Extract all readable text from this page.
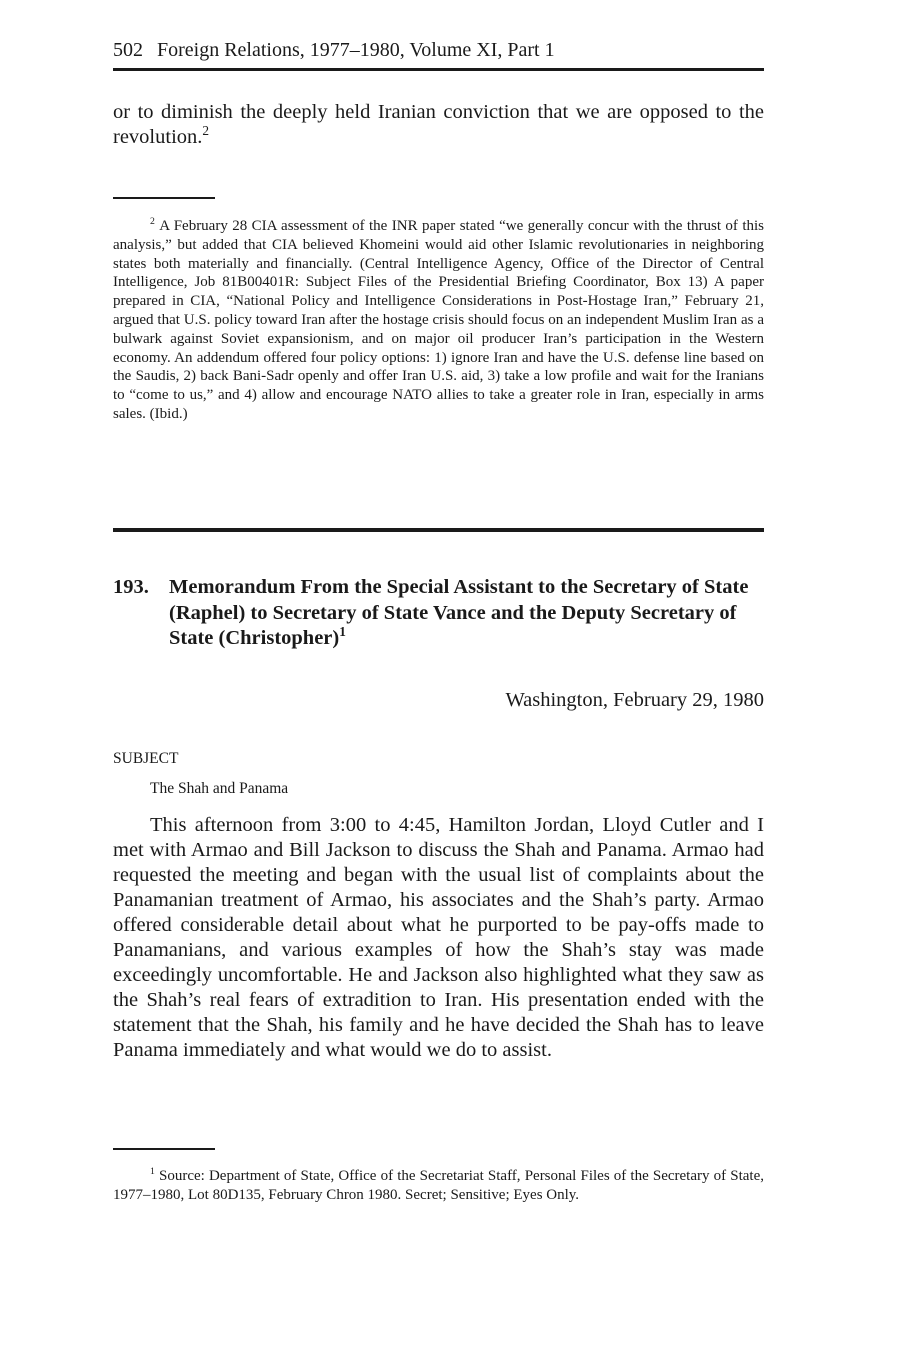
502 Foreign Relations, 1977–1980, Volume XI, Part 1
or to diminish the deeply held Iranian conviction that we are opposed to the revolution.$^2$
$^2$ A February 28 CIA assessment of the INR paper stated “we generally concur with the thrust of this analysis,” but added that CIA believed Khomeini would aid other Islamic revolutionaries in neighboring states both materially and financially. (Central Intelligence Agency, Office of the Director of Central Intelligence, Job 81B00401R: Subject Files of the Presidential Briefing Coordinator, Box 13) A paper prepared in CIA, “National Policy and Intelligence Considerations in Post-Hostage Iran,” February 21, argued that U.S. policy toward Iran after the hostage crisis should focus on an independent Muslim Iran as a bulwark against Soviet expansionism, and on major oil producer Iran’s participation in the Western economy. An addendum offered four policy options: 1) ignore Iran and have the U.S. defense line based on the Saudis, 2) back Bani-Sadr openly and offer Iran U.S. aid, 3) take a low profile and wait for the Iranians to “come to us,” and 4) allow and encourage NATO allies to take a greater role in Iran, especially in arms sales. (Ibid.)
193. Memorandum From the Special Assistant to the Secretary of State (Raphel) to Secretary of State Vance and the Deputy Secretary of State (Christopher)$^1$
Washington, February 29, 1980
SUBJECT
The Shah and Panama
This afternoon from 3:00 to 4:45, Hamilton Jordan, Lloyd Cutler and I met with Armao and Bill Jackson to discuss the Shah and Panama. Armao had requested the meeting and began with the usual list of complaints about the Panamanian treatment of Armao, his associates and the Shah’s party. Armao offered considerable detail about what he purported to be pay-offs made to Panamanians, and various examples of how the Shah’s stay was made exceedingly uncomfortable. He and Jackson also highlighted what they saw as the Shah’s real fears of extradition to Iran. His presentation ended with the statement that the Shah, his family and he have decided the Shah has to leave Panama immediately and what would we do to assist.
$^1$ Source: Department of State, Office of the Secretariat Staff, Personal Files of the Secretary of State, 1977–1980, Lot 80D135, February Chron 1980. Secret; Sensitive; Eyes Only.
